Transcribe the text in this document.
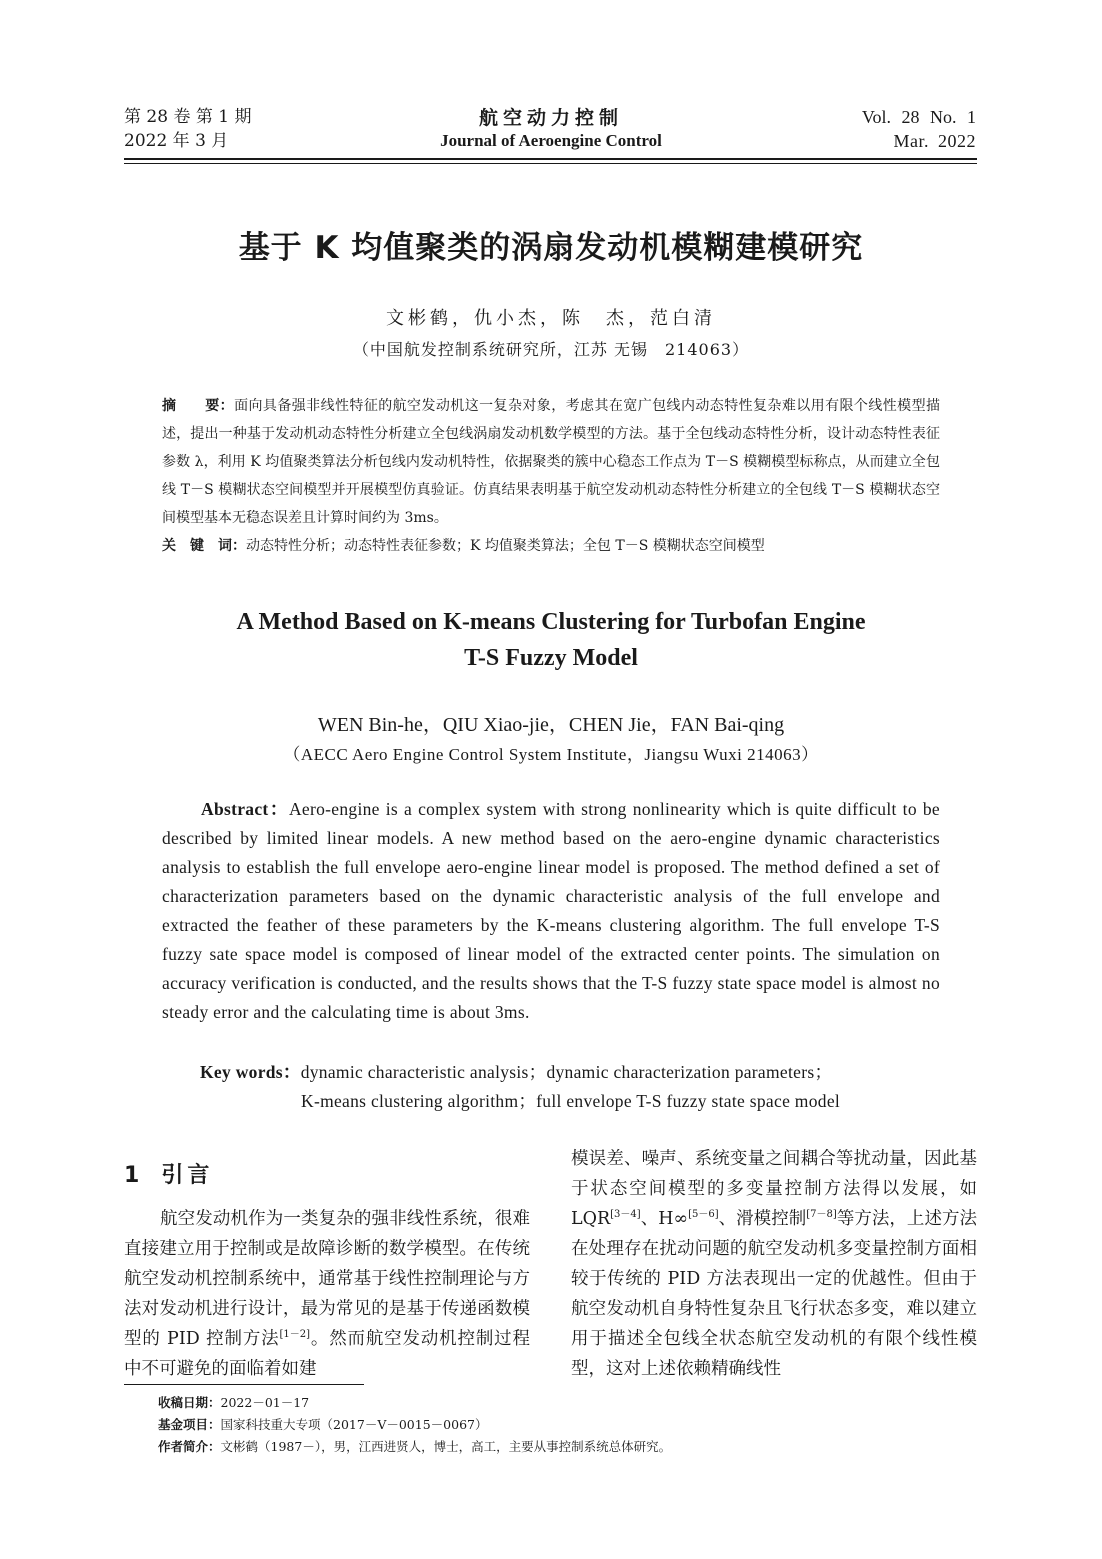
第 28 卷 第 1 期
2022 年 3 月
航空动力控制
Journal of Aeroengine Control
Vol. 28 No. 1
Mar. 2022
基于 K 均值聚类的涡扇发动机模糊建模研究
文彬鹤，仇小杰，陈　杰，范白清
（中国航发控制系统研究所，江苏 无锡　214063）

摘　　要：面向具备强非线性特征的航空发动机这一复杂对象，考虑其在宽广包线内动态特性复杂难以用有限个线性模型描述，提出一种基于发动机动态特性分析建立全包线涡扇发动机数学模型的方法。基于全包线动态特性分析，设计动态特性表征参数 λ，利用 K 均值聚类算法分析包线内发动机特性，依据聚类的簇中心稳态工作点为 T－S 模糊模型标称点，从而建立全包线 T－S 模糊状态空间模型并开展模型仿真验证。仿真结果表明基于航空发动机动态特性分析建立的全包线 T－S 模糊状态空间模型基本无稳态误差且计算时间约为 3ms。

关　键　词：动态特性分析；动态特性表征参数；K 均值聚类算法；全包 T－S 模糊状态空间模型

A Method Based on K-means Clustering for Turbofan Engine
T-S Fuzzy Model
WEN Bin-he，QIU Xiao-jie，CHEN Jie，FAN Bai-qing
（AECC Aero Engine Control System Institute，Jiangsu Wuxi 214063）

Abstract：Aero-engine is a complex system with strong nonlinearity which is quite difficult to be described by limited linear models. A new method based on the aero-engine dynamic characteristics analysis to establish the full envelope aero-engine linear model is proposed. The method defined a set of characterization parameters based on the dynamic characteristic analysis of the full envelope and extracted the feather of these parameters by the K-means clustering algorithm. The full envelope T-S fuzzy sate space model is composed of linear model of the extracted center points. The simulation on accuracy verification is conducted, and the results shows that the T-S fuzzy state space model is almost no steady error and the calculating time is about 3ms.

Key words：dynamic characteristic analysis；dynamic characterization parameters；
K-means clustering algorithm；full envelope T-S fuzzy state space model
1 引言

航空发动机作为一类复杂的强非线性系统，很难直接建立用于控制或是故障诊断的数学模型。在传统航空发动机控制系统中，通常基于线性控制理论与方法对发动机进行设计，最为常见的是基于传递函数模型的 PID 控制方法[1－2]。然而航空发动机控制过程中不可避免的面临着如建

模误差、噪声、系统变量之间耦合等扰动量，因此基于状态空间模型的多变量控制方法得以发展，如 LQR[3－4]、H∞[5－6]、滑模控制[7－8]等方法，上述方法在处理存在扰动问题的航空发动机多变量控制方面相较于传统的 PID 方法表现出一定的优越性。但由于航空发动机自身特性复杂且飞行状态多变，难以建立用于描述全包线全状态航空发动机的有限个线性模型，这对上述依赖精确线性

收稿日期：2022－01－17
基金项目：国家科技重大专项（2017－Ⅴ－0015－0067）
作者简介：文彬鹤（1987－），男，江西进贤人，博士，高工，主要从事控制系统总体研究。
